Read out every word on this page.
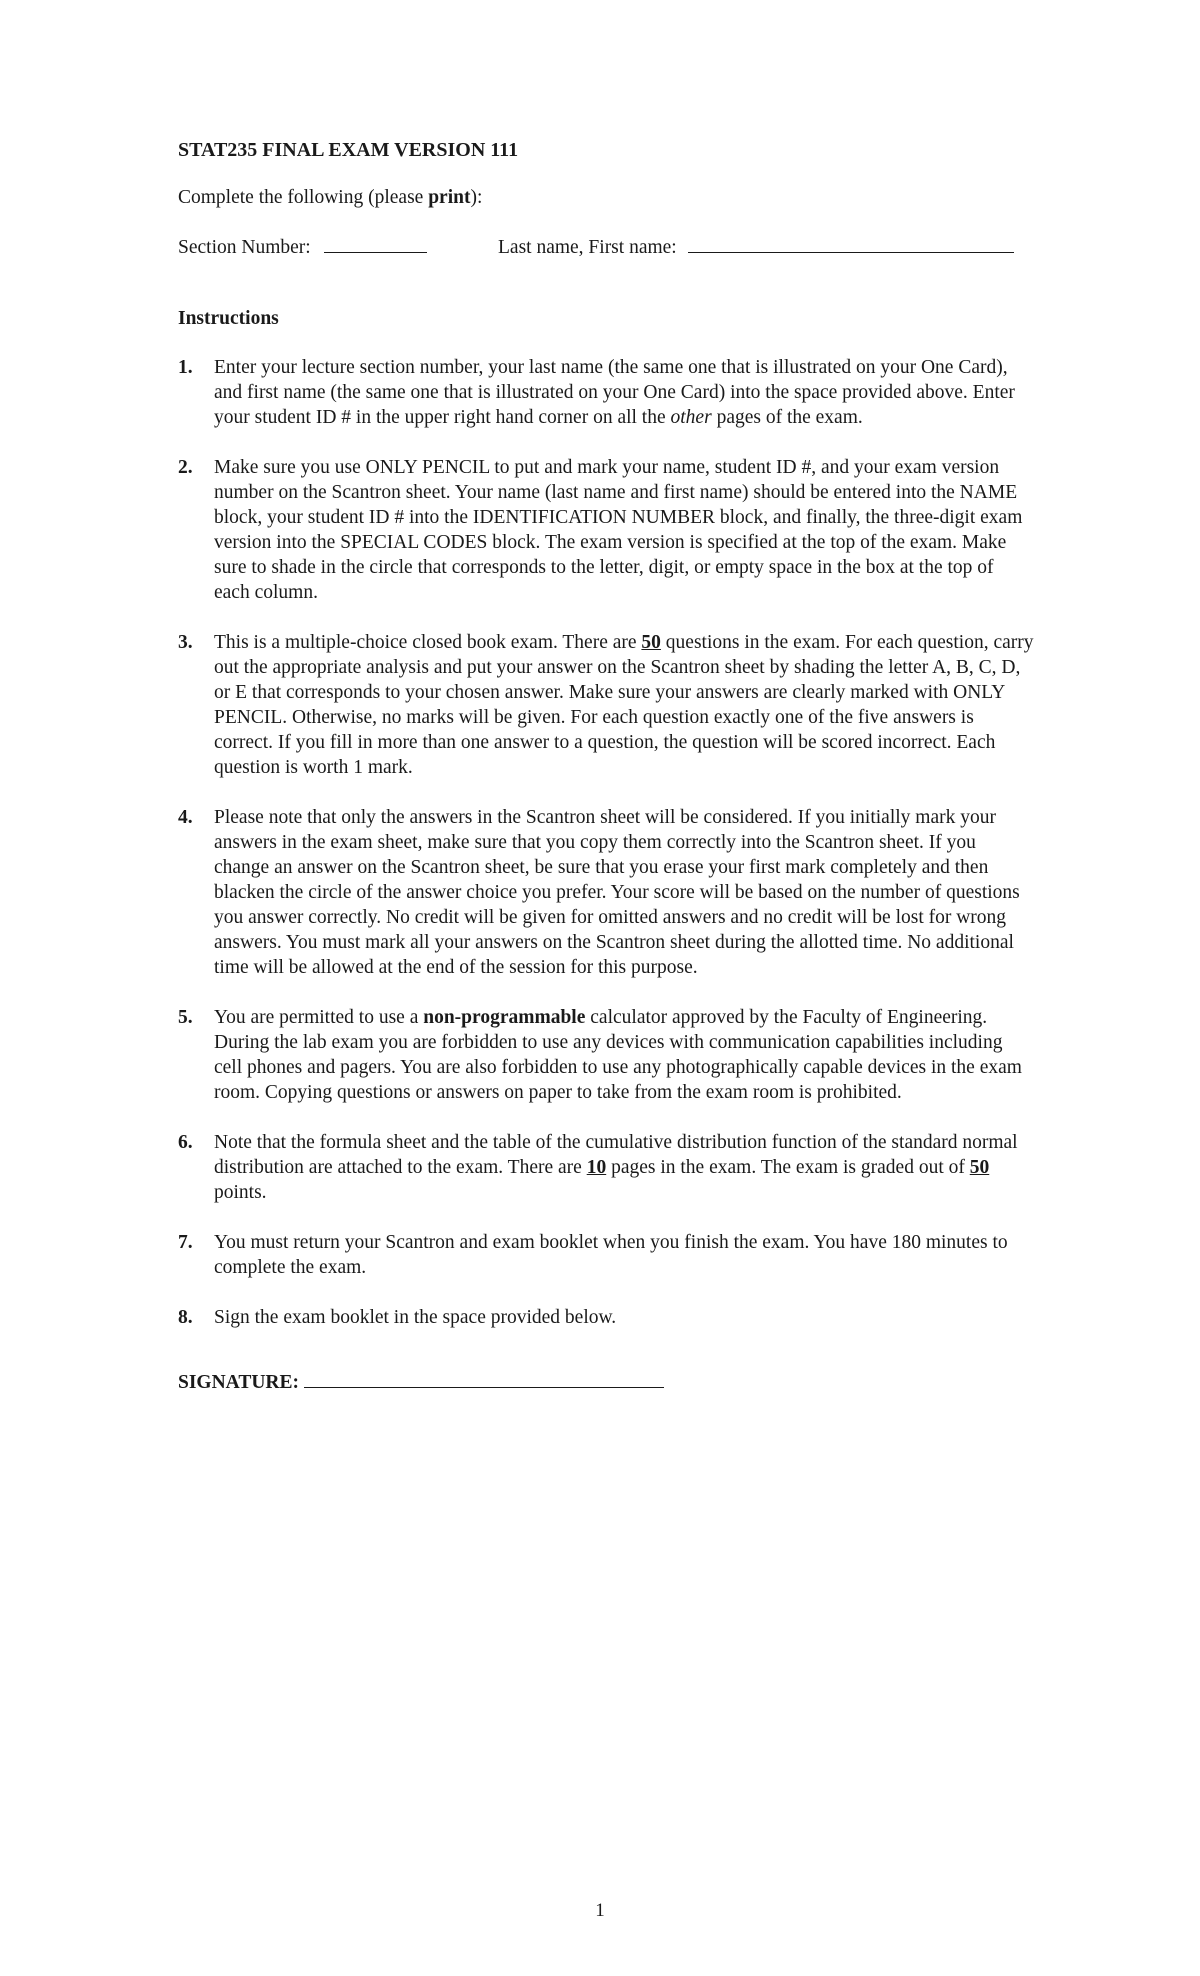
STAT235 FINAL EXAM VERSION 111
Complete the following (please print):
Section Number:	Last name, First name:
Instructions
1.	Enter your lecture section number, your last name (the same one that is illustrated on your One Card), and first name (the same one that is illustrated on your One Card) into the space provided above. Enter your student ID # in the upper right hand corner on all the other pages of the exam.
2.	Make sure you use ONLY PENCIL to put and mark your name, student ID #, and your exam version number on the Scantron sheet. Your name (last name and first name) should be entered into the NAME block, your student ID # into the IDENTIFICATION NUMBER block, and finally, the three-digit exam version into the SPECIAL CODES block. The exam version is specified at the top of the exam. Make sure to shade in the circle that corresponds to the letter, digit, or empty space in the box at the top of each column.
3.	This is a multiple-choice closed book exam. There are 50 questions in the exam. For each question, carry out the appropriate analysis and put your answer on the Scantron sheet by shading the letter A, B, C, D, or E that corresponds to your chosen answer. Make sure your answers are clearly marked with ONLY PENCIL. Otherwise, no marks will be given. For each question exactly one of the five answers is correct. If you fill in more than one answer to a question, the question will be scored incorrect. Each question is worth 1 mark.
4.	Please note that only the answers in the Scantron sheet will be considered. If you initially mark your answers in the exam sheet, make sure that you copy them correctly into the Scantron sheet. If you change an answer on the Scantron sheet, be sure that you erase your first mark completely and then blacken the circle of the answer choice you prefer. Your score will be based on the number of questions you answer correctly. No credit will be given for omitted answers and no credit will be lost for wrong answers. You must mark all your answers on the Scantron sheet during the allotted time. No additional time will be allowed at the end of the session for this purpose.
5.	You are permitted to use a non-programmable calculator approved by the Faculty of Engineering. During the lab exam you are forbidden to use any devices with communication capabilities including cell phones and pagers. You are also forbidden to use any photographically capable devices in the exam room. Copying questions or answers on paper to take from the exam room is prohibited.
6.	Note that the formula sheet and the table of the cumulative distribution function of the standard normal distribution are attached to the exam. There are 10 pages in the exam. The exam is graded out of 50 points.
7.	You must return your Scantron and exam booklet when you finish the exam. You have 180 minutes to complete the exam.
8.	Sign the exam booklet in the space provided below.
SIGNATURE:
1
